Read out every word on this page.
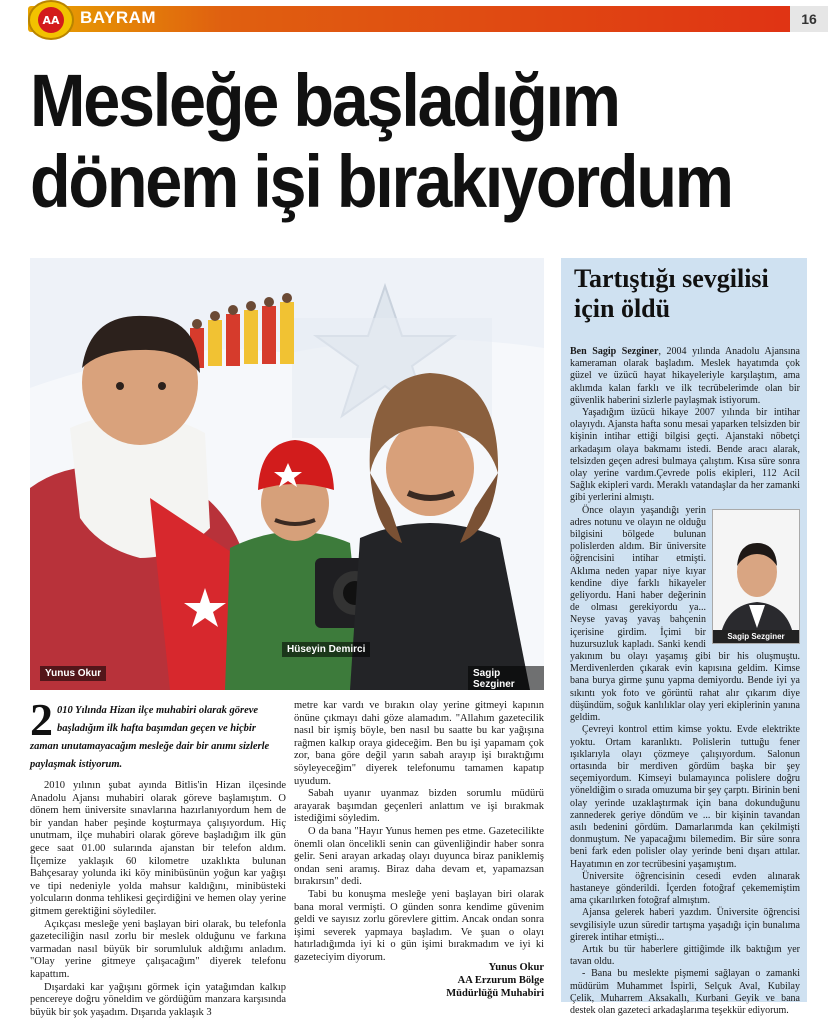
AA BAYRAM	16
Mesleğe başladığım
dönem işi bırakıyordum
Yunus Okur
Hüseyin Demirci
Sagip Sezginer
Tartıştığı sevgilisi için öldü

Ben Sagip Sezginer, 2004 yılında Anadolu Ajansına kameraman olarak başladım. Meslek hayatımda çok güzel ve üzücü hayat hikayeleriyle karşılaştım, ama aklımda kalan farklı ve ilk tecrübelerimde olan bir güvenlik haberini sizlerle paylaşmak istiyorum.

Yaşadığım üzücü hikaye 2007 yılında bir intihar olayıydı. Ajansta hafta sonu mesai yaparken telsizden bir kişinin intihar ettiği bilgisi geçti. Ajanstaki nöbetçi arkadaşım olaya bakmamı istedi. Bende aracı alarak, telsizden geçen adresi bulmaya çalıştım. Kısa süre sonra olay yerine vardım.Çevrede polis ekipleri, 112 Acil Sağlık ekipleri vardı. Meraklı vatandaşlar da her zamanki gibi yerlerini almıştı.

Sagip Sezginer

Önce olayın yaşandığı yerin adres notunu ve olayın ne olduğu bilgisini bölgede bulunan polislerden aldım. Bir üniversite öğrencisini intihar etmişti. Aklıma neden yapar niye kıyar kendine diye farklı hikayeler geliyordu. Hani haber değerinin de olması gerekiyordu ya... Neyse yavaş yavaş bahçenin içerisine girdim. İçimi bir huzursuzluk kapladı. Sanki kendi yakınım bu olayı yaşamış gibi bir his oluşmuştu. Merdivenlerden çıkarak evin kapısına geldim. Kimse bana burya girme şunu yapma demiyordu. Bende iyi ya sıkıntı yok foto ve görüntü rahat alır çıkarım diye düşündüm, soğuk kanlılıklar olay yeri ekiplerinin yanına geldim.

Çevreyi kontrol ettim kimse yoktu. Evde elektrikte yoktu. Ortam karanlıktı. Polislerin tuttuğu fener ışıklarıyla olayı çözmeye çalışıyordum. Salonun ortasında bir merdiven gördüm başka bir şey seçemiyordum. Kimseyi bulamayınca polislere doğru yöneldiğim o sırada omuzuma bir şey çarptı. Birinin beni olay yerinde uzaklaştırmak için bana dokunduğunu zannederek geriye döndüm ve ... bir kişinin tavandan asılı bedenini gördüm. Damarlarımda kan çekilmişti donmuştum. Ne yapacağımı bilemedim. Bir süre sonra beni fark eden polisler olay yerinde beni dışarı attılar. Hayatımın en zor tecrübesini yaşamıştım.

Üniversite öğrencisinin cesedi evden alınarak hastaneye gönderildi. İçerden fotoğraf çekememiştim ama çıkarılırken fotoğraf almıştım.

Ajansa gelerek haberi yazdım. Üniversite öğrencisi sevgilisiyle uzun süredir tartışma yaşadığı için bunalıma girerek intihar etmişti...

Artık bu tür haberlere gittiğimde ilk baktığım yer tavan oldu.

- Bana bu meslekte pişmemi sağlayan o zamanki müdürüm Muhammet İspirli, Selçuk Aval, Kubilay Çelik, Muharrem Aksakallı, Kurbani Geyik ve bana destek olan gazeteci arkadaşlarıma teşekkür ediyorum.

2 010 Yılında Hizan ilçe muhabiri olarak göreve başladığım ilk hafta başımdan geçen ve hiçbir zaman unutamayacağım mesleğe dair bir anımı sizlerle paylaşmak istiyorum.

2010 yılının şubat ayında Bitlis'in Hizan ilçesinde Anadolu Ajansı muhabiri olarak göreve başlamıştım. O dönem hem üniversite sınavlarına hazırlanıyordum hem de bir yandan haber peşinde koşturmaya çalışıyordum. Hiç unutmam, ilçe muhabiri olarak göreve başladığım ilk gün gece saat 01.00 sularında ajanstan bir telefon aldım. İlçemize yaklaşık 60 kilometre uzaklıkta bulunan Bahçesaray yolunda iki köy minibüsünün yoğun kar yağışı ve tipi nedeniyle yolda mahsur kaldığını, minibüsteki yolcuların donma tehlikesi geçirdiğini ve hemen olay yerine gitmem gerektiğini söylediler.

Açıkçası mesleğe yeni başlayan biri olarak, bu telefonla gazeteciliğin nasıl zorlu bir meslek olduğunu ve farkına varmadan nasıl büyük bir sorumluluk aldığımı anladım. "Olay yerine gitmeye çalışacağım" diyerek telefonu kapattım.

Dışardaki kar yağışını görmek için yatağımdan kalkıp pencereye doğru yöneldim ve gördüğüm manzara karşısında büyük bir şok yaşadım. Dışarıda yaklaşık 3

metre kar vardı ve bırakın olay yerine gitmeyi kapının önüne çıkmayı dahi göze alamadım. "Allahım gazetecilik nasıl bir işmiş böyle, ben nasıl bu saatte bu kar yağışına rağmen kalkıp oraya gideceğim. Ben bu işi yapamam çok zor, bana göre değil yarın sabah arayıp işi bıraktığımı söyleyeceğim" diyerek telefonumu tamamen kapatıp uyudum.

Sabah uyanır uyanmaz bizden sorumlu müdürü arayarak başımdan geçenleri anlattım ve işi bırakmak istediğimi söyledim.

O da bana "Hayır Yunus hemen pes etme. Gazetecilikte önemli olan öncelikli senin can güvenliğindir haber sonra gelir. Seni arayan arkadaş olayı duyunca biraz paniklemiş ondan seni aramış. Biraz daha devam et, yapamazsan bırakırsın" dedi.

Tabi bu konuşma mesleğe yeni başlayan biri olarak bana moral vermişti. O günden sonra kendime güvenim geldi ve sayısız zorlu görevlere gittim. Ancak ondan sonra işimi severek yapmaya başladım. Ve şuan o olayı hatırladığımda iyi ki o gün işimi bırakmadım ve iyi ki gazeteciyim diyorum.

Yunus Okur
AA Erzurum Bölge
Müdürlüğü Muhabiri
